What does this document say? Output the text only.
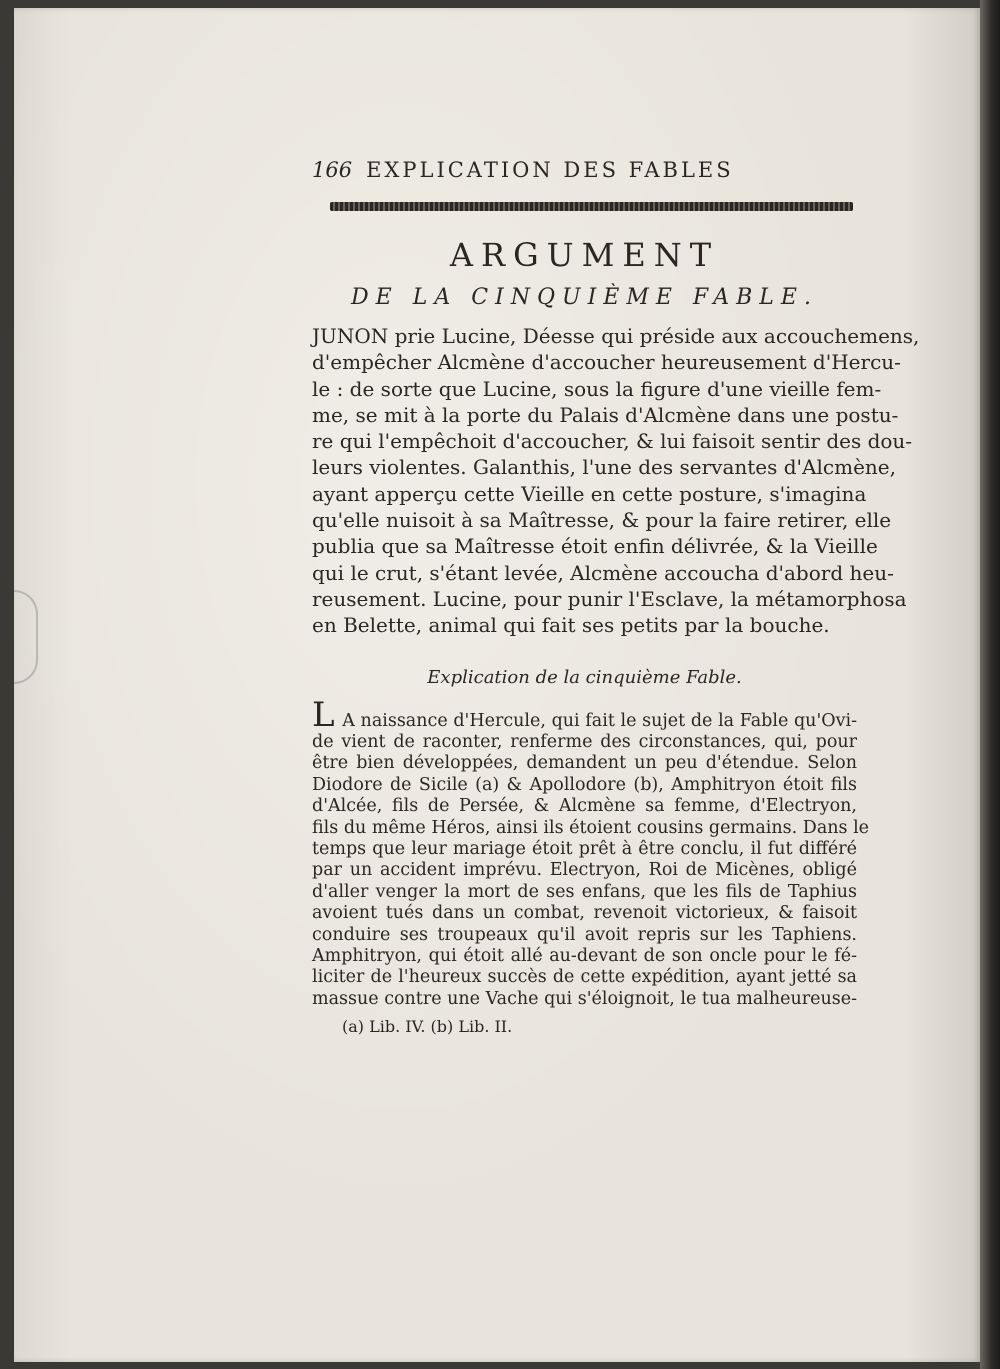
166 EXPLICATION DES FABLES
ARGUMENT
DE LA CINQUIÈME FABLE.
JUNON prie Lucine, Déesse qui préside aux accouchemens,
d'empêcher Alcmène d'accoucher heureusement d'Hercu-
le : de sorte que Lucine, sous la figure d'une vieille fem-
me, se mit à la porte du Palais d'Alcmène dans une postu-
re qui l'empêchoit d'accoucher, & lui faisoit sentir des dou-
leurs violentes. Galanthis, l'une des servantes d'Alcmène,
ayant apperçu cette Vieille en cette posture, s'imagina
qu'elle nuisoit à sa Maîtresse, & pour la faire retirer, elle
publia que sa Maîtresse étoit enfin délivrée, & la Vieille
qui le crut, s'étant levée, Alcmène accoucha d'abord heu-
reusement. Lucine, pour punir l'Esclave, la métamorphosa
en Belette, animal qui fait ses petits par la bouche.
Explication de la cinquième Fable.
L A naissance d'Hercule, qui fait le sujet de la Fable qu'Ovi-
de vient de raconter, renferme des circonstances, qui, pour
être bien développées, demandent un peu d'étendue. Selon
Diodore de Sicile (a) & Apollodore (b), Amphitryon étoit fils
d'Alcée, fils de Persée, & Alcmène sa femme, d'Electryon,
fils du même Héros, ainsi ils étoient cousins germains. Dans le
temps que leur mariage étoit prêt à être conclu, il fut différé
par un accident imprévu. Electryon, Roi de Micènes, obligé
d'aller venger la mort de ses enfans, que les fils de Taphius
avoient tués dans un combat, revenoit victorieux, & faisoit
conduire ses troupeaux qu'il avoit repris sur les Taphiens.
Amphitryon, qui étoit allé au-devant de son oncle pour le fé-
liciter de l'heureux succès de cette expédition, ayant jetté sa
massue contre une Vache qui s'éloignoit, le tua malheureuse-
(a) Lib. IV. (b) Lib. II.
